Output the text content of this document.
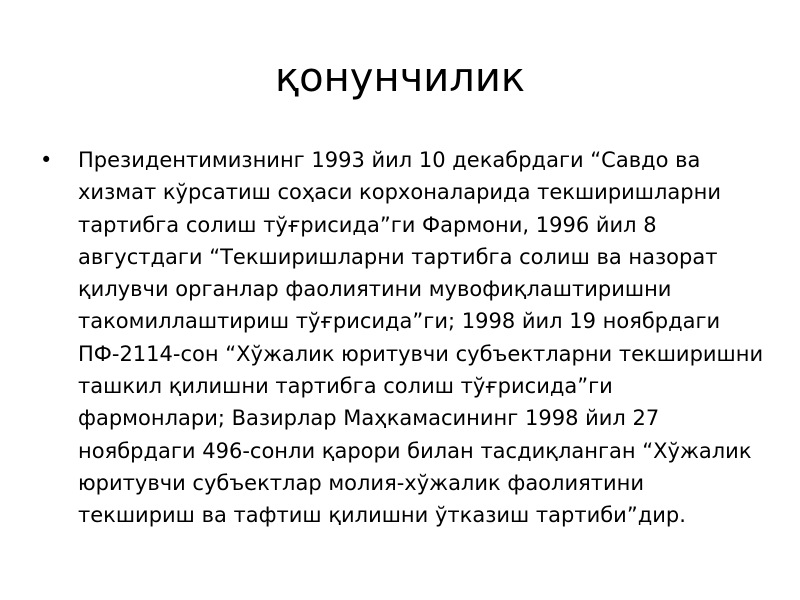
қонунчилик
•	Президентимизнинг 1993 йил 10 декабрдаги “Савдо ва хизмат кўрсатиш соҳаси корхоналарида текширишларни тартибга солиш тўғрисида”ги Фармони, 1996 йил 8 августдаги “Текширишларни тартибга солиш ва назорат қилувчи органлар фаолиятини мувофиқлаштиришни такомиллаштириш тўғрисида”ги; 1998 йил 19 ноябрдаги ПФ-2114-сон “Хўжалик юритувчи субъектларни текширишни ташкил қилишни тартибга солиш тўғрисида”ги фармонлари; Вазирлар Маҳкамасининг 1998 йил 27 ноябрдаги 496-сонли қарори билан тасдиқланган “Хўжалик юритувчи субъектлар молия-хўжалик фаолиятини текшириш ва тафтиш қилишни ўтказиш тартиби”дир.
